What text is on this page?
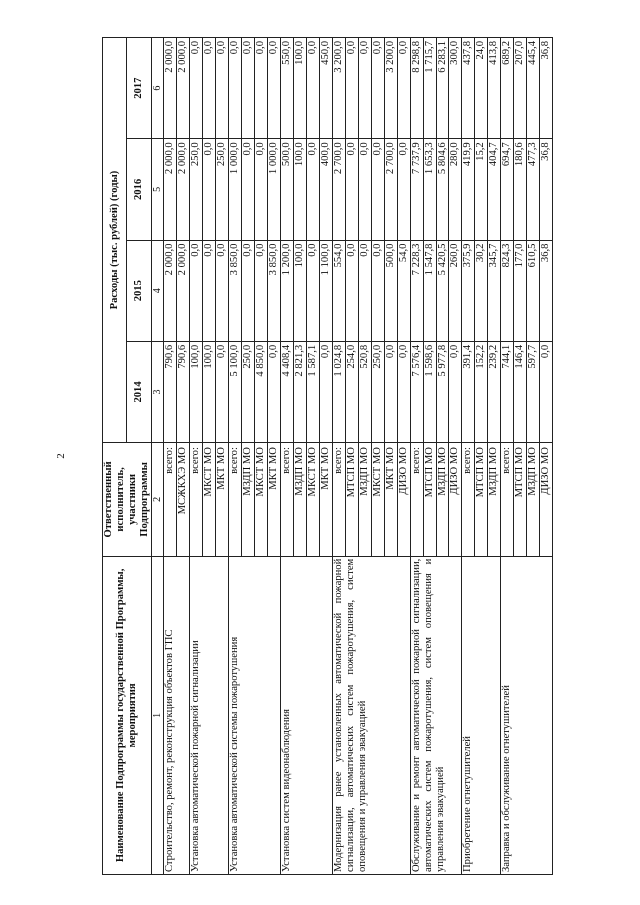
2
Наименование Подпрограммы государственной Программы, мероприятия	Ответственный исполнитель, участники Подпрограммы	Расходы (тыс. рублей) (годы)			
		2014	2015	2016	2017
1	2	3	4	5	6
Строительство, ремонт, реконструкция объектов ГПС	всего:	790,6	2 000,0	2 000,0	2 000,0
	МСЖКХЭ МО	790,6	2 000,0	2 000,0	2 000,0
Установка автоматической пожарной сигнализации	всего:	100,0	0,0	250,0	0,0
	МКСТ МО	100,0	0,0	0,0	0,0
	МКТ МО	0,0	0,0	250,0	0,0
Установка автоматической системы пожаротушения	всего:	5 100,0	3 850,0	1 000,0	0,0
	МЗДП МО	250,0	0,0	0,0	0,0
	МКСТ МО	4 850,0	0,0	0,0	0,0
	МКТ МО	0,0	3 850,0	1 000,0	0,0
Установка систем видеонаблюдения	всего:	4 408,4	1 200,0	500,0	550,0
	МЗДП МО	2 821,3	100,0	100,0	100,0
	МКСТ МО	1 587,1	0,0	0,0	0,0
	МКТ МО	0,0	1 100,0	400,0	450,0
Модернизация ранее установленных автоматической пожарной сигнализации, автоматических систем пожаротушения, систем оповещения и управления эвакуацией	всего:	1 024,8	554,0	2 700,0	3 200,0
	МТСП МО	254,0	0,0	0,0	0,0
	МЗДП МО	520,8	0,0	0,0	0,0
	МКСТ МО	250,0	0,0	0,0	0,0
	МКТ МО	0,0	500,0	2 700,0	3 200,0
	ДИЗО МО	0,0	54,0	0,0	0,0
Обслуживание и ремонт автоматической пожарной сигнализации, автоматических систем пожаротушения, систем оповещения и управления эвакуацией	всего:	7 576,4	7 228,3	7 737,9	8 298,8
	МТСП МО	1 598,6	1 547,8	1 653,3	1 715,7
	МЗДП МО	5 977,8	5 420,5	5 804,6	6 283,1
	ДИЗО МО	0,0	260,0	280,0	300,0
Приобретение огнетушителей	всего:	391,4	375,9	419,9	437,8
	МТСП МО	152,2	30,2	15,2	24,0
	МЗДП МО	239,2	345,7	404,7	413,8
Заправка и обслуживание огнетушителей	всего:	744,1	824,3	694,7	689,2
	МТСП МО	146,4	177,0	180,6	207,0
	МЗДП МО	597,7	610,5	477,3	445,4
	ДИЗО МО	0,0	36,8	36,8	36,8
